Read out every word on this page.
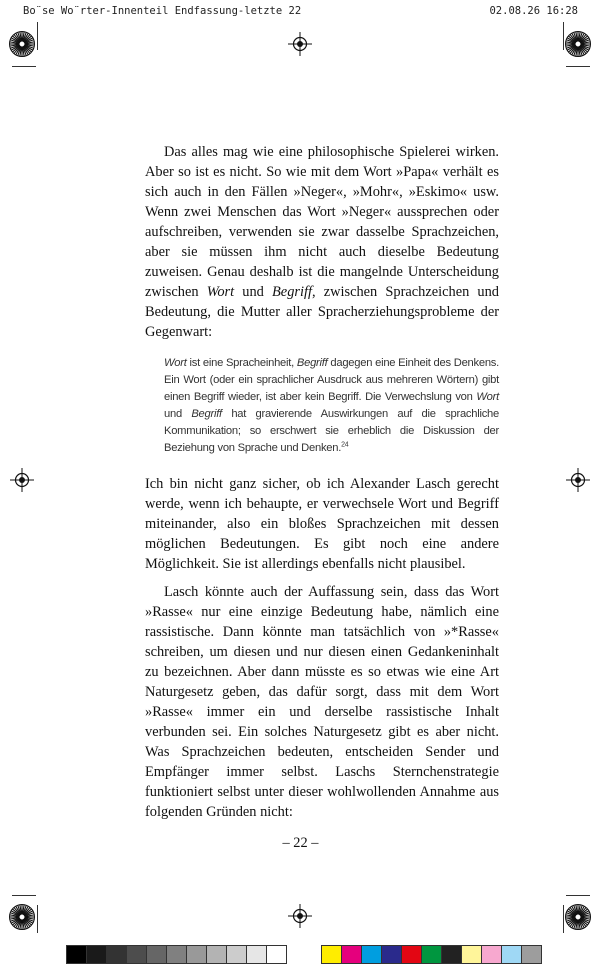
Bo¨se Wo¨rter-Innenteil Endfassung-letzte 22	02.08.26 16:28

Das alles mag wie eine philosophische Spielerei wirken. Aber so ist es nicht. So wie mit dem Wort »Papa« verhält es sich auch in den Fällen »Neger«, »Mohr«, »Eskimo« usw. Wenn zwei Menschen das Wort »Neger« aussprechen oder aufschreiben, verwenden sie zwar dasselbe Sprachzeichen, aber sie müssen ihm nicht auch dieselbe Bedeutung zuweisen. Genau deshalb ist die mangelnde Unterscheidung zwischen Wort und Begriff, zwischen Sprachzeichen und Bedeutung, die Mutter aller Spracherziehungsprobleme der Gegenwart:

Wort ist eine Spracheinheit, Begriff dagegen eine Einheit des Denkens. Ein Wort (oder ein sprachlicher Ausdruck aus mehreren Wörtern) gibt einen Begriff wieder, ist aber kein Begriff. Die Verwechslung von Wort und Begriff hat gravierende Auswirkungen auf die sprachliche Kommunikation; so erschwert sie erheblich die Diskussion der Beziehung von Sprache und Denken.$^{24}$

Ich bin nicht ganz sicher, ob ich Alexander Lasch gerecht werde, wenn ich behaupte, er verwechsele Wort und Begriff miteinander, also ein bloßes Sprachzeichen mit dessen möglichen Bedeutungen. Es gibt noch eine andere Möglichkeit. Sie ist allerdings ebenfalls nicht plausibel.

Lasch könnte auch der Auffassung sein, dass das Wort »Rasse« nur eine einzige Bedeutung habe, nämlich eine rassistische. Dann könnte man tatsächlich von »*Rasse« schreiben, um diesen und nur diesen einen Gedankeninhalt zu bezeichnen. Aber dann müsste es so etwas wie eine Art Naturgesetz geben, das dafür sorgt, dass mit dem Wort »Rasse« immer ein und derselbe rassistische Inhalt verbunden sei. Ein solches Naturgesetz gibt es aber nicht. Was Sprachzeichen bedeuten, entscheiden Sender und Empfänger immer selbst. Laschs Sternchenstrategie funktioniert selbst unter dieser wohlwollenden Annahme aus folgenden Gründen nicht:

– 22 –
